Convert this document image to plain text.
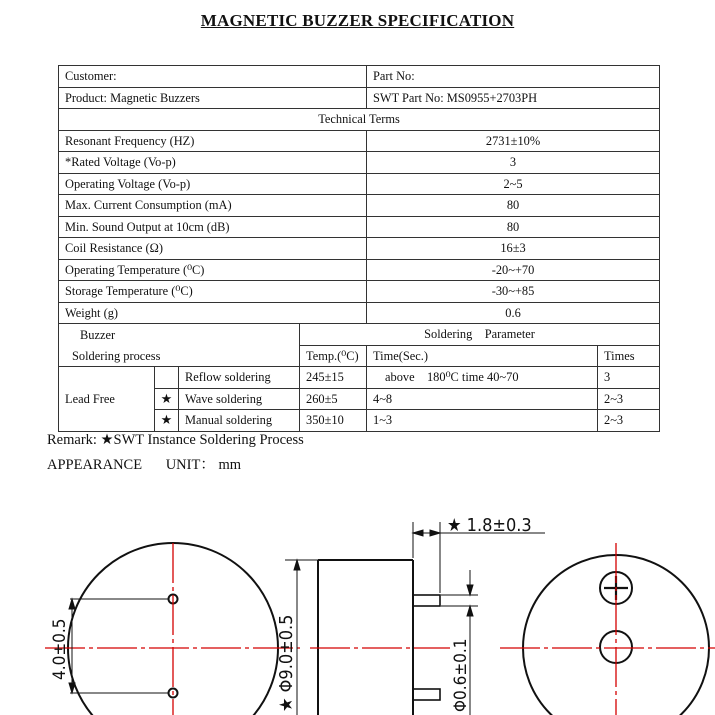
MAGNETIC BUZZER SPECIFICATION
Customer:				Part No:	
Product: Magnetic Buzzers				SWT Part No: MS0955+2703PH	
Technical Terms					
Resonant Frequency (HZ)				2731±10%	
*Rated Voltage (Vo-p)				3	
Operating Voltage (Vo-p)				2~5	
Max. Current Consumption (mA)				80	
Min. Sound Output at 10cm (dB)				80	
Coil Resistance (Ω)				16±3	
Operating Temperature (⁰C)				-20~+70	
Storage Temperature (⁰C)				-30~+85	
Weight (g)				0.6	
Buzzer			Soldering    Parameter		
Soldering process			Temp.(⁰C)	Time(Sec.)	Times
Lead Free		Reflow soldering	245±15	above    180⁰C time 40~70	3
	★	Wave soldering	260±5	4~8	2~3
	★	Manual soldering	350±10	1~3	2~3
Remark: ★SWT Instance Soldering Process
APPEARANCE UNIT： mm
4.0±0.5	★ Φ9.0±0.5
★ 1.8±0.3
Φ0.6±0.1
